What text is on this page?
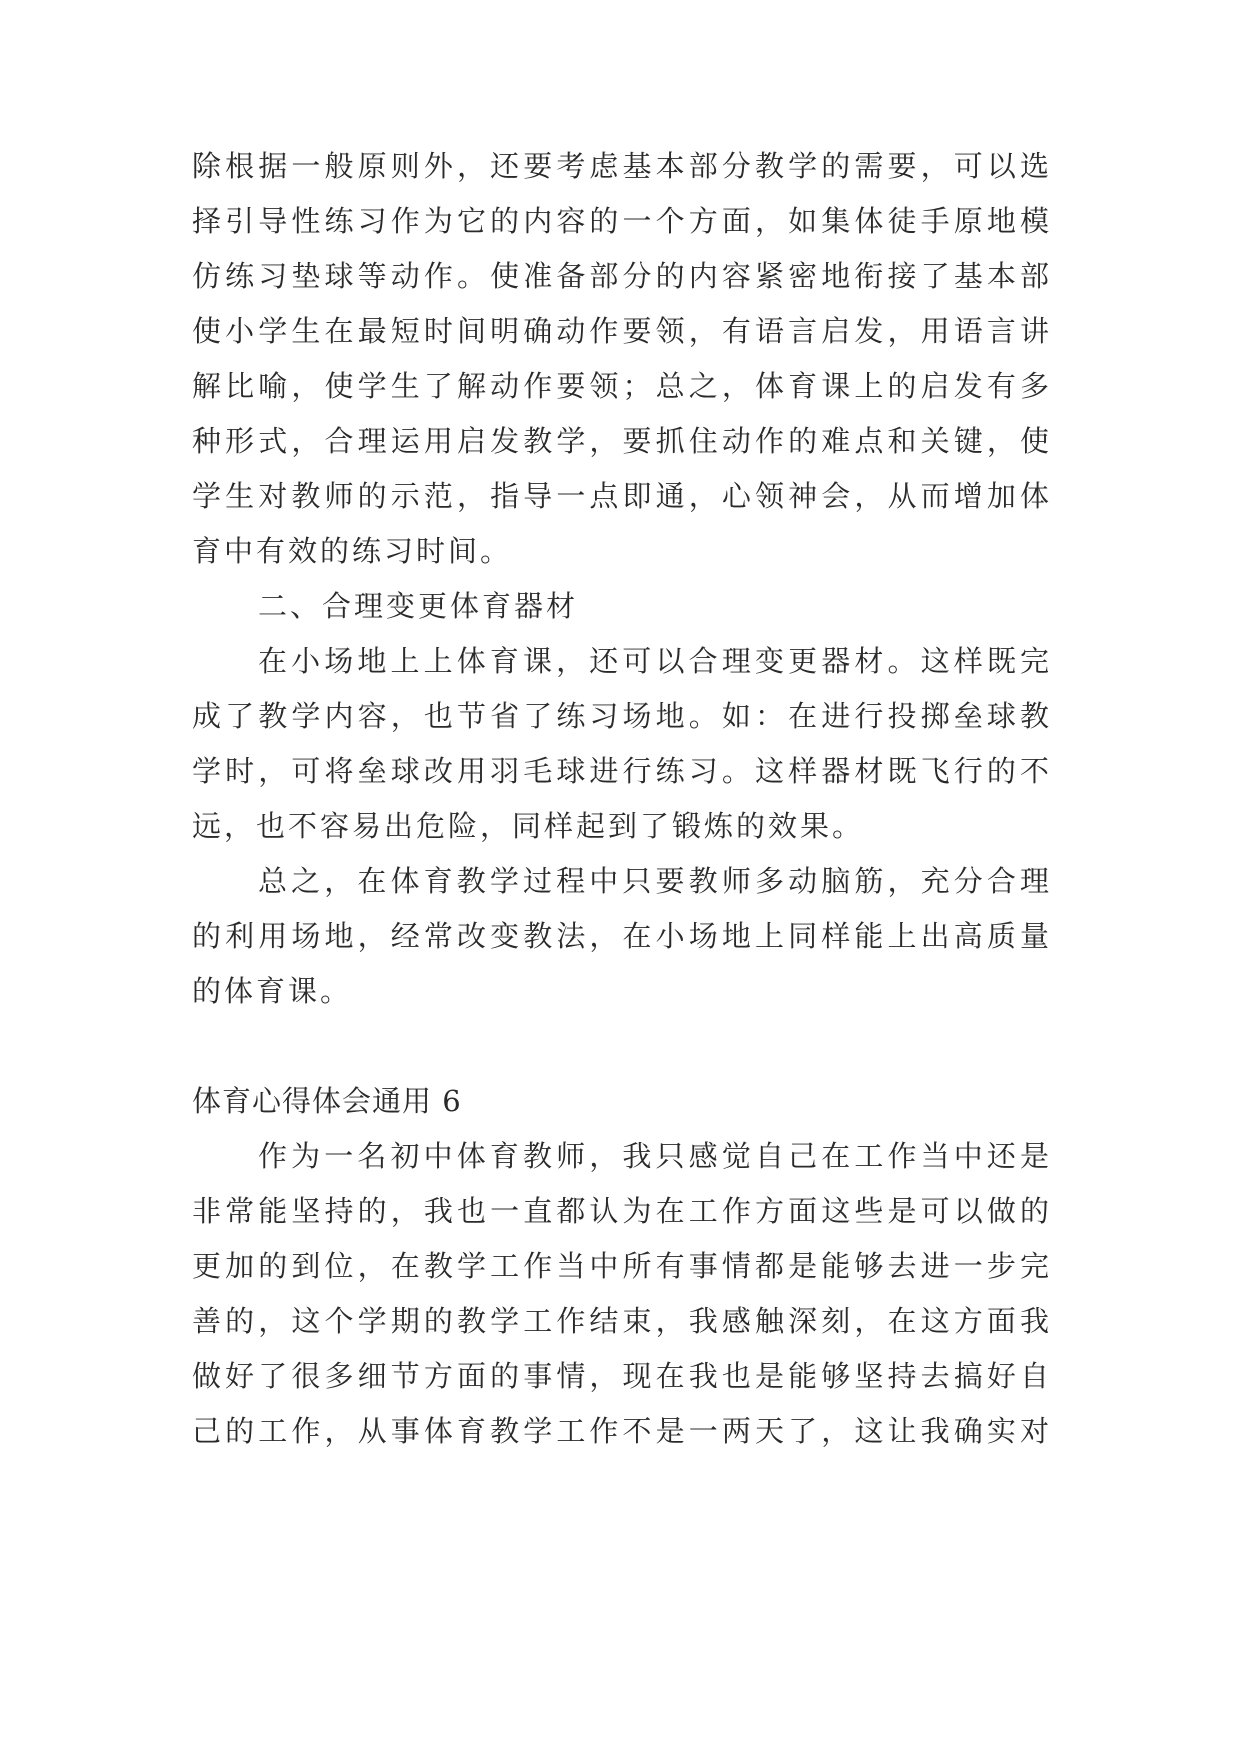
除根据一般原则外，还要考虑基本部分教学的需要，可以选
择引导性练习作为它的内容的一个方面，如集体徒手原地模
仿练习垫球等动作。使准备部分的内容紧密地衔接了基本部
使小学生在最短时间明确动作要领，有语言启发，用语言讲
解比喻，使学生了解动作要领；总之，体育课上的启发有多
种形式，合理运用启发教学，要抓住动作的难点和关键，使
学生对教师的示范，指导一点即通，心领神会，从而增加体
育中有效的练习时间。
二、合理变更体育器材
在小场地上上体育课，还可以合理变更器材。这样既完
成了教学内容，也节省了练习场地。如：在进行投掷垒球教
学时，可将垒球改用羽毛球进行练习。这样器材既飞行的不
远，也不容易出危险，同样起到了锻炼的效果。
总之，在体育教学过程中只要教师多动脑筋，充分合理
的利用场地，经常改变教法，在小场地上同样能上出高质量
的体育课。
体育心得体会通用 6
作为一名初中体育教师，我只感觉自己在工作当中还是
非常能坚持的，我也一直都认为在工作方面这些是可以做的
更加的到位，在教学工作当中所有事情都是能够去进一步完
善的，这个学期的教学工作结束，我感触深刻，在这方面我
做好了很多细节方面的事情，现在我也是能够坚持去搞好自
己的工作，从事体育教学工作不是一两天了，这让我确实对
